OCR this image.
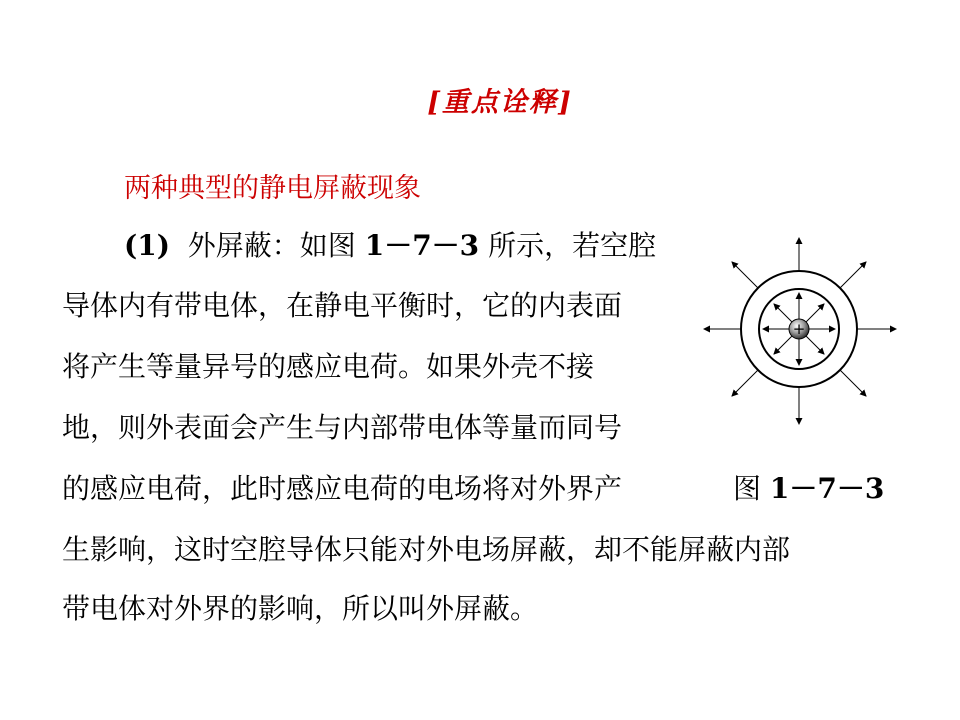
[重点诠释]
两种典型的静电屏蔽现象
(1) 外屏蔽：如图 1－7－3 所示，若空腔
导体内有带电体，在静电平衡时，它的内表面
将产生等量异号的感应电荷。如果外壳不接
地，则外表面会产生与内部带电体等量而同号
的感应电荷，此时感应电荷的电场将对外界产
生影响，这时空腔导体只能对外电场屏蔽，却不能屏蔽内部
带电体对外界的影响，所以叫外屏蔽。
图 1－7－3
+
